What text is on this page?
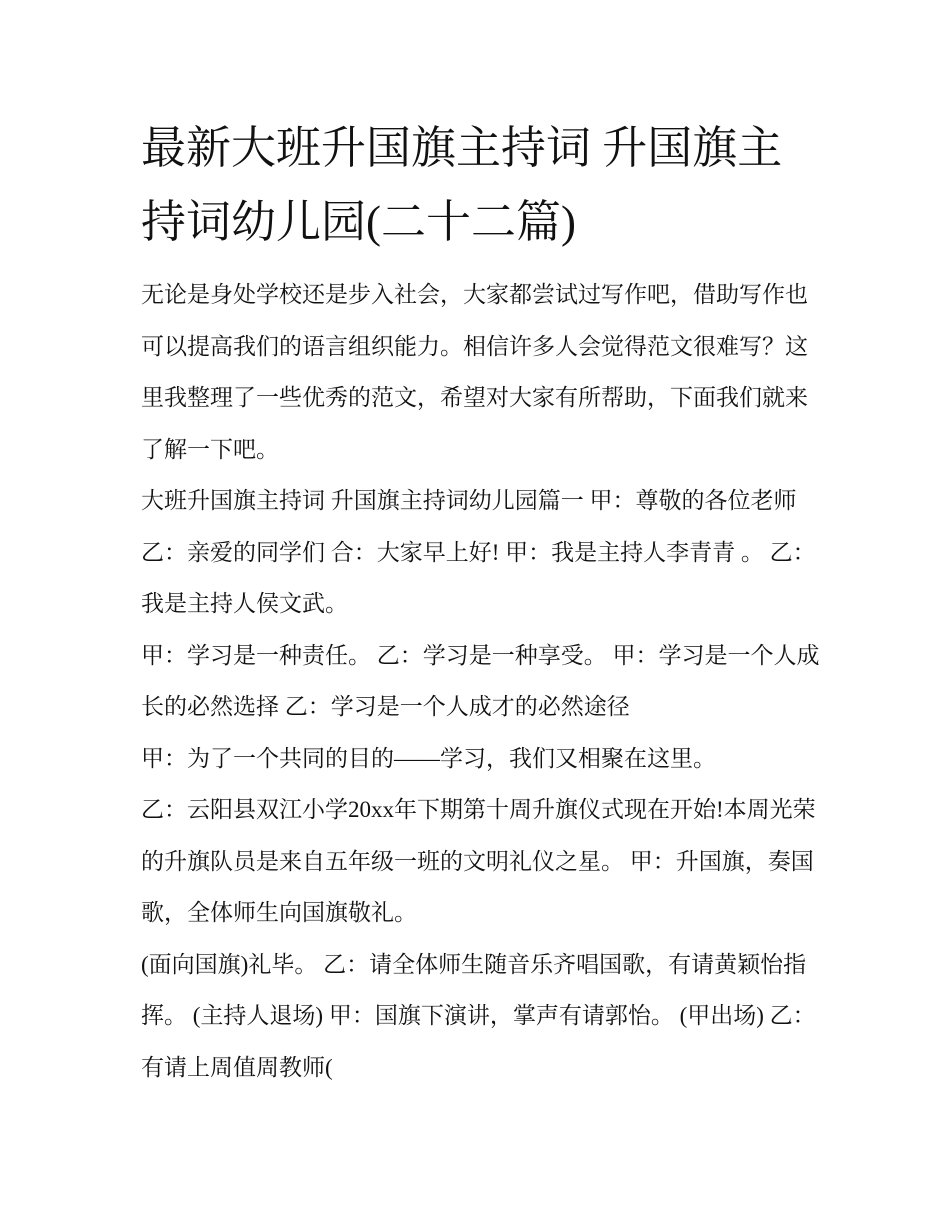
最新大班升国旗主持词 升国旗主持词幼儿园(二十二篇)

无论是身处学校还是步入社会，大家都尝试过写作吧，借助写作也可以提高我们的语言组织能力。相信许多人会觉得范文很难写？这里我整理了一些优秀的范文，希望对大家有所帮助，下面我们就来了解一下吧。

大班升国旗主持词 升国旗主持词幼儿园篇一 甲：尊敬的各位老师 乙：亲爱的同学们 合：大家早上好! 甲：我是主持人李青青 。 乙：我是主持人侯文武。

甲：学习是一种责任。 乙：学习是一种享受。 甲：学习是一个人成长的必然选择 乙：学习是一个人成才的必然途径

甲：为了一个共同的目的——学习，我们又相聚在这里。

乙：云阳县双江小学20xx年下期第十周升旗仪式现在开始!本周光荣的升旗队员是来自五年级一班的文明礼仪之星。 甲：升国旗，奏国歌，全体师生向国旗敬礼。

(面向国旗)礼毕。 乙：请全体师生随音乐齐唱国歌，有请黄颖怡指挥。 (主持人退场) 甲：国旗下演讲，掌声有请郭怡。 (甲出场) 乙：有请上周值周教师(
